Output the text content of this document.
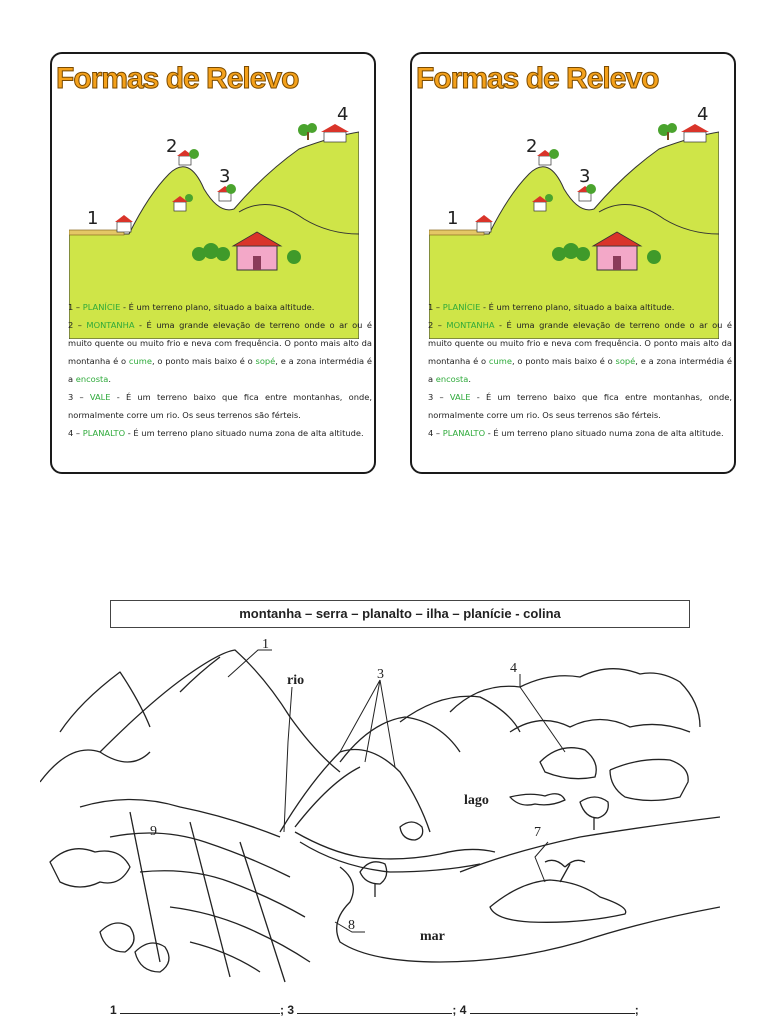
Formas de Relevo
1
2
3
4

1 – PLANÍCIE - É um terreno plano, situado a baixa altitude.

2 – MONTANHA - É uma grande elevação de terreno onde o ar ou é muito quente ou muito frio e neva com frequência. O ponto mais alto da montanha é o cume, o ponto mais baixo é o sopé, e a zona intermédia é a encosta.

3 – VALE - É um terreno baixo que fica entre montanhas, onde, normalmente corre um rio. Os seus terrenos são férteis.

4 – PLANALTO - É um terreno plano situado numa zona de alta altitude.

Formas de Relevo
1
2
3
4

1 – PLANÍCIE - É um terreno plano, situado a baixa altitude.

2 – MONTANHA - É uma grande elevação de terreno onde o ar ou é muito quente ou muito frio e neva com frequência. O ponto mais alto da montanha é o cume, o ponto mais baixo é o sopé, e a zona intermédia é a encosta.

3 – VALE - É um terreno baixo que fica entre montanhas, onde, normalmente corre um rio. Os seus terrenos são férteis.

4 – PLANALTO - É um terreno plano situado numa zona de alta altitude.

montanha – serra – planalto – ilha – planície - colina
1
rio	3	4
lago
9	7
8
mar
1	; 3	; 4	;
